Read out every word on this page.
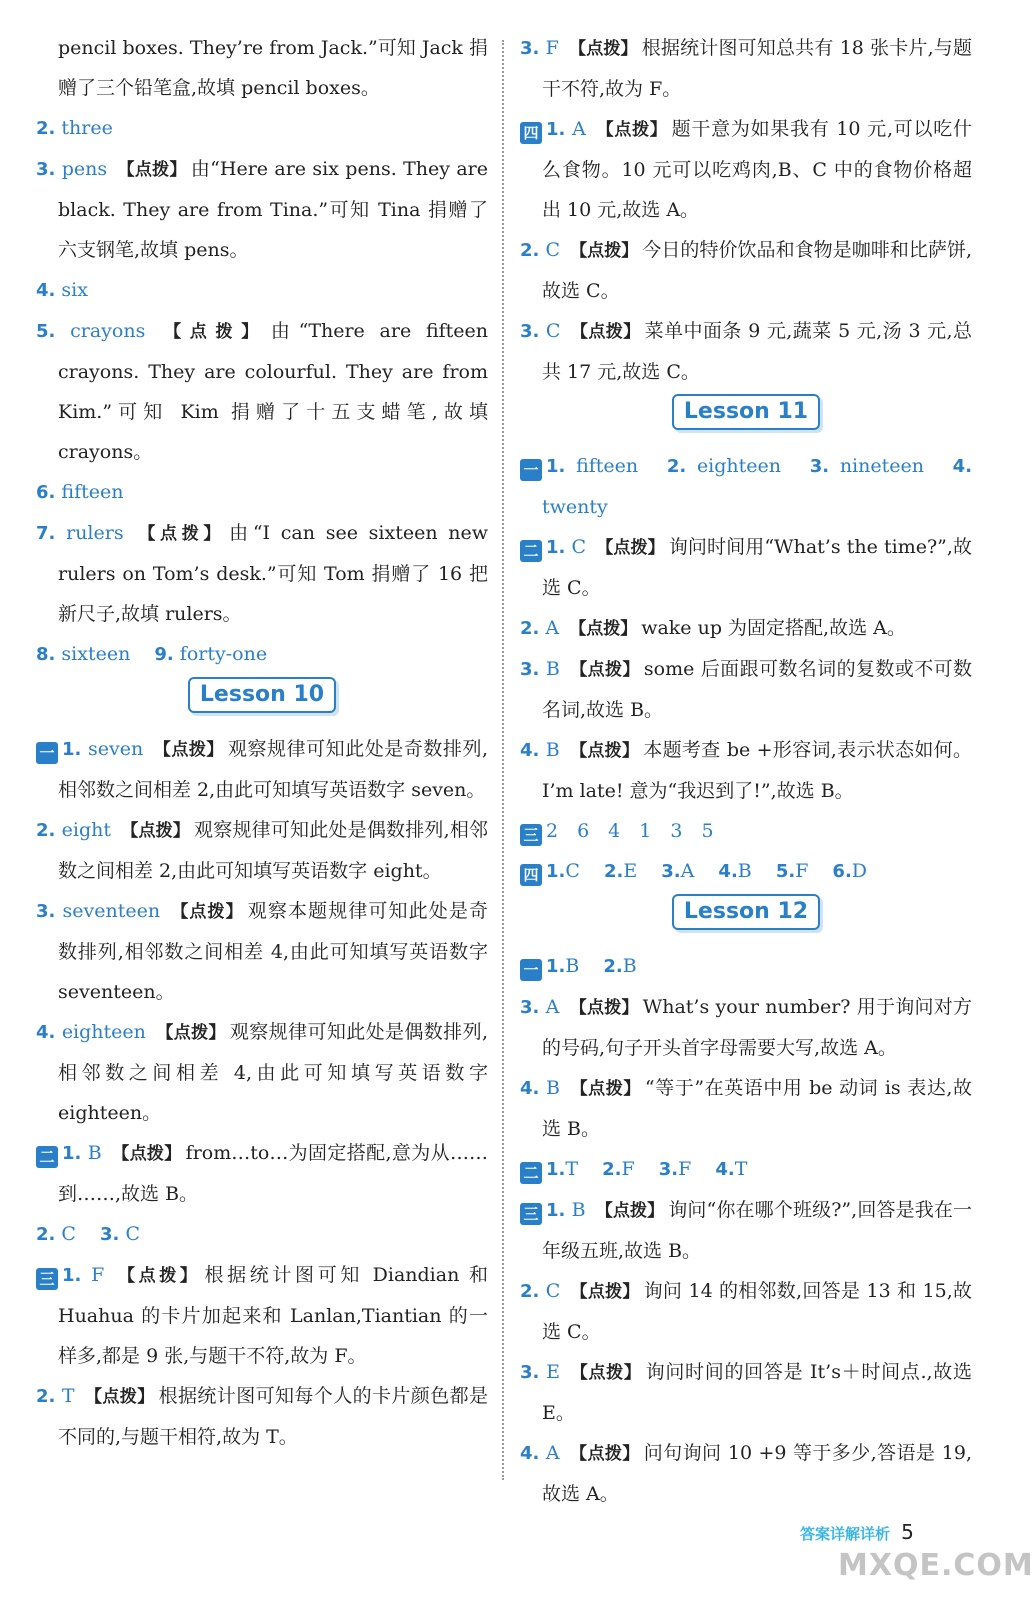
pencil boxes. They’re from Jack.”可知 Jack 捐赠了三个铅笔盒,故填 pencil boxes。
2. three
3. pens 【点拨】 由“Here are six pens. They are black. They are from Tina.”可知 Tina 捐赠了六支钢笔,故填 pens。
4. six
5. crayons 【点拨】 由“There are fifteen crayons. They are colourful. They are from Kim.”可知 Kim 捐赠了十五支蜡笔,故填 crayons。
6. fifteen
7. rulers 【点拨】 由“I can see sixteen new rulers on Tom’s desk.”可知 Tom 捐赠了 16 把新尺子,故填 rulers。
8. sixteen 9. forty-one
Lesson 10
一 1. seven 【点拨】 观察规律可知此处是奇数排列,相邻数之间相差 2,由此可知填写英语数字 seven。
2. eight 【点拨】 观察规律可知此处是偶数排列,相邻数之间相差 2,由此可知填写英语数字 eight。
3. seventeen 【点拨】 观察本题规律可知此处是奇数排列,相邻数之间相差 4,由此可知填写英语数字 seventeen。
4. eighteen 【点拨】 观察规律可知此处是偶数排列,相邻数之间相差 4,由此可知填写英语数字 eighteen。
二 1. B 【点拨】 from…to…为固定搭配,意为从……到……,故选 B。
2. C 3. C
三 1. F 【点拨】 根据统计图可知 Diandian 和 Huahua 的卡片加起来和 Lanlan,Tiantian 的一样多,都是 9 张,与题干不符,故为 F。
2. T 【点拨】 根据统计图可知每个人的卡片颜色都是不同的,与题干相符,故为 T。
3. F 【点拨】 根据统计图可知总共有 18 张卡片,与题干不符,故为 F。
四 1. A 【点拨】 题干意为如果我有 10 元,可以吃什么食物。10 元可以吃鸡肉,B、C 中的食物价格超出 10 元,故选 A。
2. C 【点拨】 今日的特价饮品和食物是咖啡和比萨饼,故选 C。
3. C 【点拨】 菜单中面条 9 元,蔬菜 5 元,汤 3 元,总共 17 元,故选 C。
Lesson 11
一 1. fifteen 2. eighteen 3. nineteen 4. twenty
二 1. C 【点拨】 询问时间用“What’s the time?”,故选 C。
2. A 【点拨】 wake up 为固定搭配,故选 A。
3. B 【点拨】 some 后面跟可数名词的复数或不可数名词,故选 B。
4. B 【点拨】 本题考查 be +形容词,表示状态如何。I’m late! 意为“我迟到了!”,故选 B。
三 2　6　4　1　3　5
四 1.C 2.E 3.A 4.B 5.F 6.D
Lesson 12
一 1.B 2.B
3. A 【点拨】 What’s your number? 用于询问对方的号码,句子开头首字母需要大写,故选 A。
4. B 【点拨】 “等于”在英语中用 be 动词 is 表达,故选 B。
二 1.T 2.F 3.F 4.T
三 1. B 【点拨】 询问“你在哪个班级?”,回答是我在一年级五班,故选 B。
2. C 【点拨】 询问 14 的相邻数,回答是 13 和 15,故选 C。
3. E 【点拨】 询问时间的回答是 It’s＋时间点.,故选 E。
4. A 【点拨】 问句询问 10 +9 等于多少,答语是 19,故选 A。
答案详解详析 5
MXQE.COM
